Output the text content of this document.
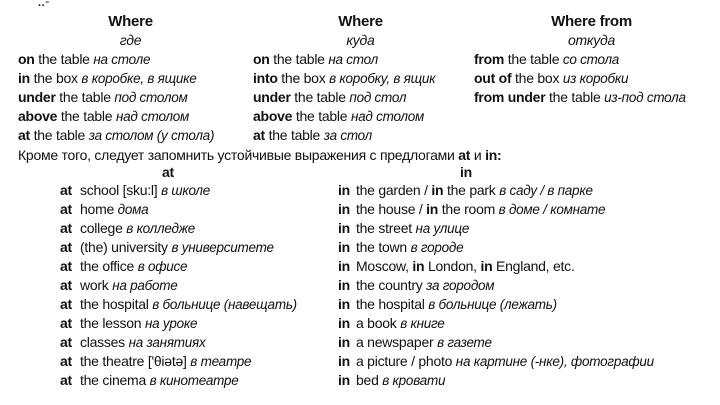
··ˉ
Where
где
on the table на столе
in the box в коробке, в ящике
under the table под столом
above the table над столом
at the table за столом (у стола)
Where
куда
on the table на стол
into the box в коробку, в ящик
under the table под стол
above the table над столом
at the table за стол
Where from
откуда
from the table со стола
out of the box из коробки
from under the table из-под стола
Кроме того, следует запомнить устойчивые выражения с предлогами at и in:
at	in
at school [sku:l] в школе
at home дома
at college в колледже
at (the) university в университете
at the office в офисе
at work на работе
at the hospital в больнице (навещать)
at the lesson на уроке
at classes на занятиях
at the theatre ['θiətə] в театре
at the cinema в кинотеатре
in the garden / in the park в саду / в парке
in the house / in the room в доме / комнате
in the street на улице
in the town в городе
in Moscow, in London, in England, etc.
in the country за городом
in the hospital в больнице (лежать)
in a book в книге
in a newspaper в газете
in a picture / photo на картине (-нке), фотографии
in bed в кровати
